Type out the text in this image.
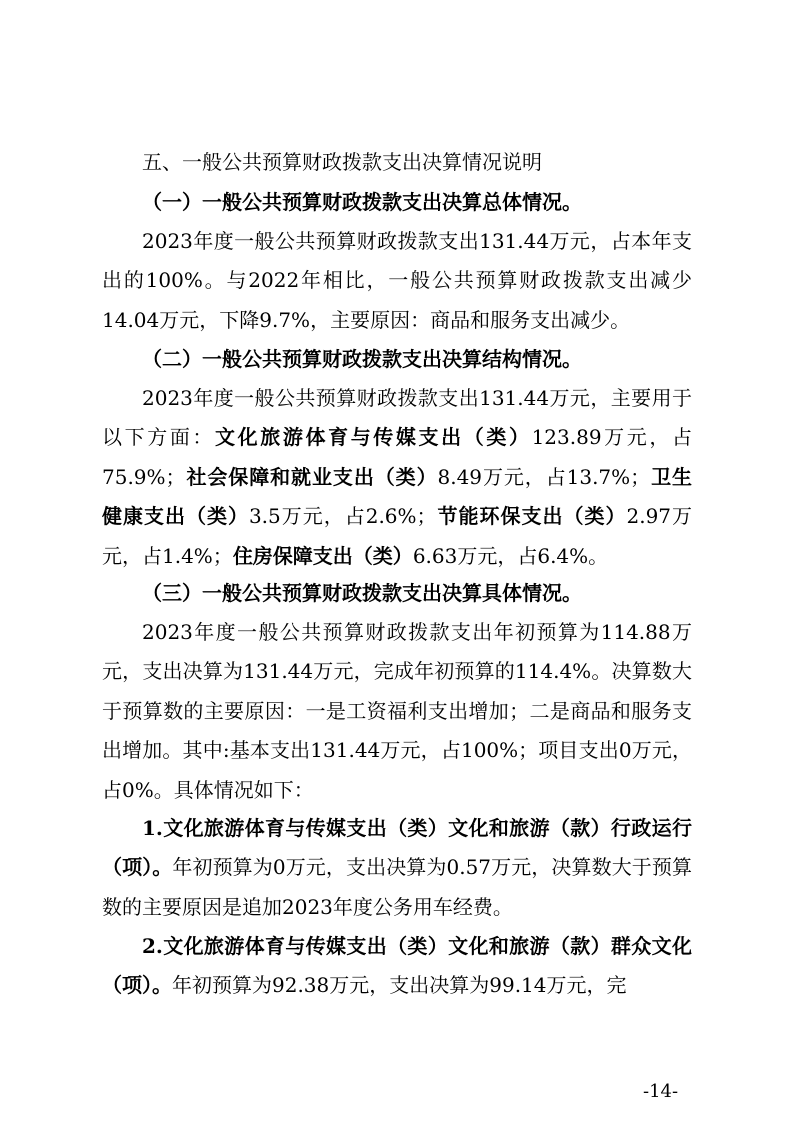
五、一般公共预算财政拨款支出决算情况说明

（一）一般公共预算财政拨款支出决算总体情况。

2023年度一般公共预算财政拨款支出131.44万元，占本年支出的100%。与2022年相比，一般公共预算财政拨款支出减少14.04万元，下降9.7%，主要原因：商品和服务支出减少。

（二）一般公共预算财政拨款支出决算结构情况。

2023年度一般公共预算财政拨款支出131.44万元，主要用于以下方面：文化旅游体育与传媒支出（类）123.89万元，占75.9%；社会保障和就业支出（类）8.49万元，占13.7%；卫生健康支出（类）3.5万元，占2.6%；节能环保支出（类）2.97万元，占1.4%；住房保障支出（类）6.63万元，占6.4%。

（三）一般公共预算财政拨款支出决算具体情况。

2023年度一般公共预算财政拨款支出年初预算为114.88万元，支出决算为131.44万元，完成年初预算的114.4%。决算数大于预算数的主要原因：一是工资福利支出增加；二是商品和服务支出增加。其中:基本支出131.44万元，占100%；项目支出0万元，占0%。具体情况如下：

1.文化旅游体育与传媒支出（类）文化和旅游（款）行政运行（项）。年初预算为0万元，支出决算为0.57万元，决算数大于预算数的主要原因是追加2023年度公务用车经费。

2.文化旅游体育与传媒支出（类）文化和旅游（款）群众文化（项）。年初预算为92.38万元，支出决算为99.14万元，完

-14-
